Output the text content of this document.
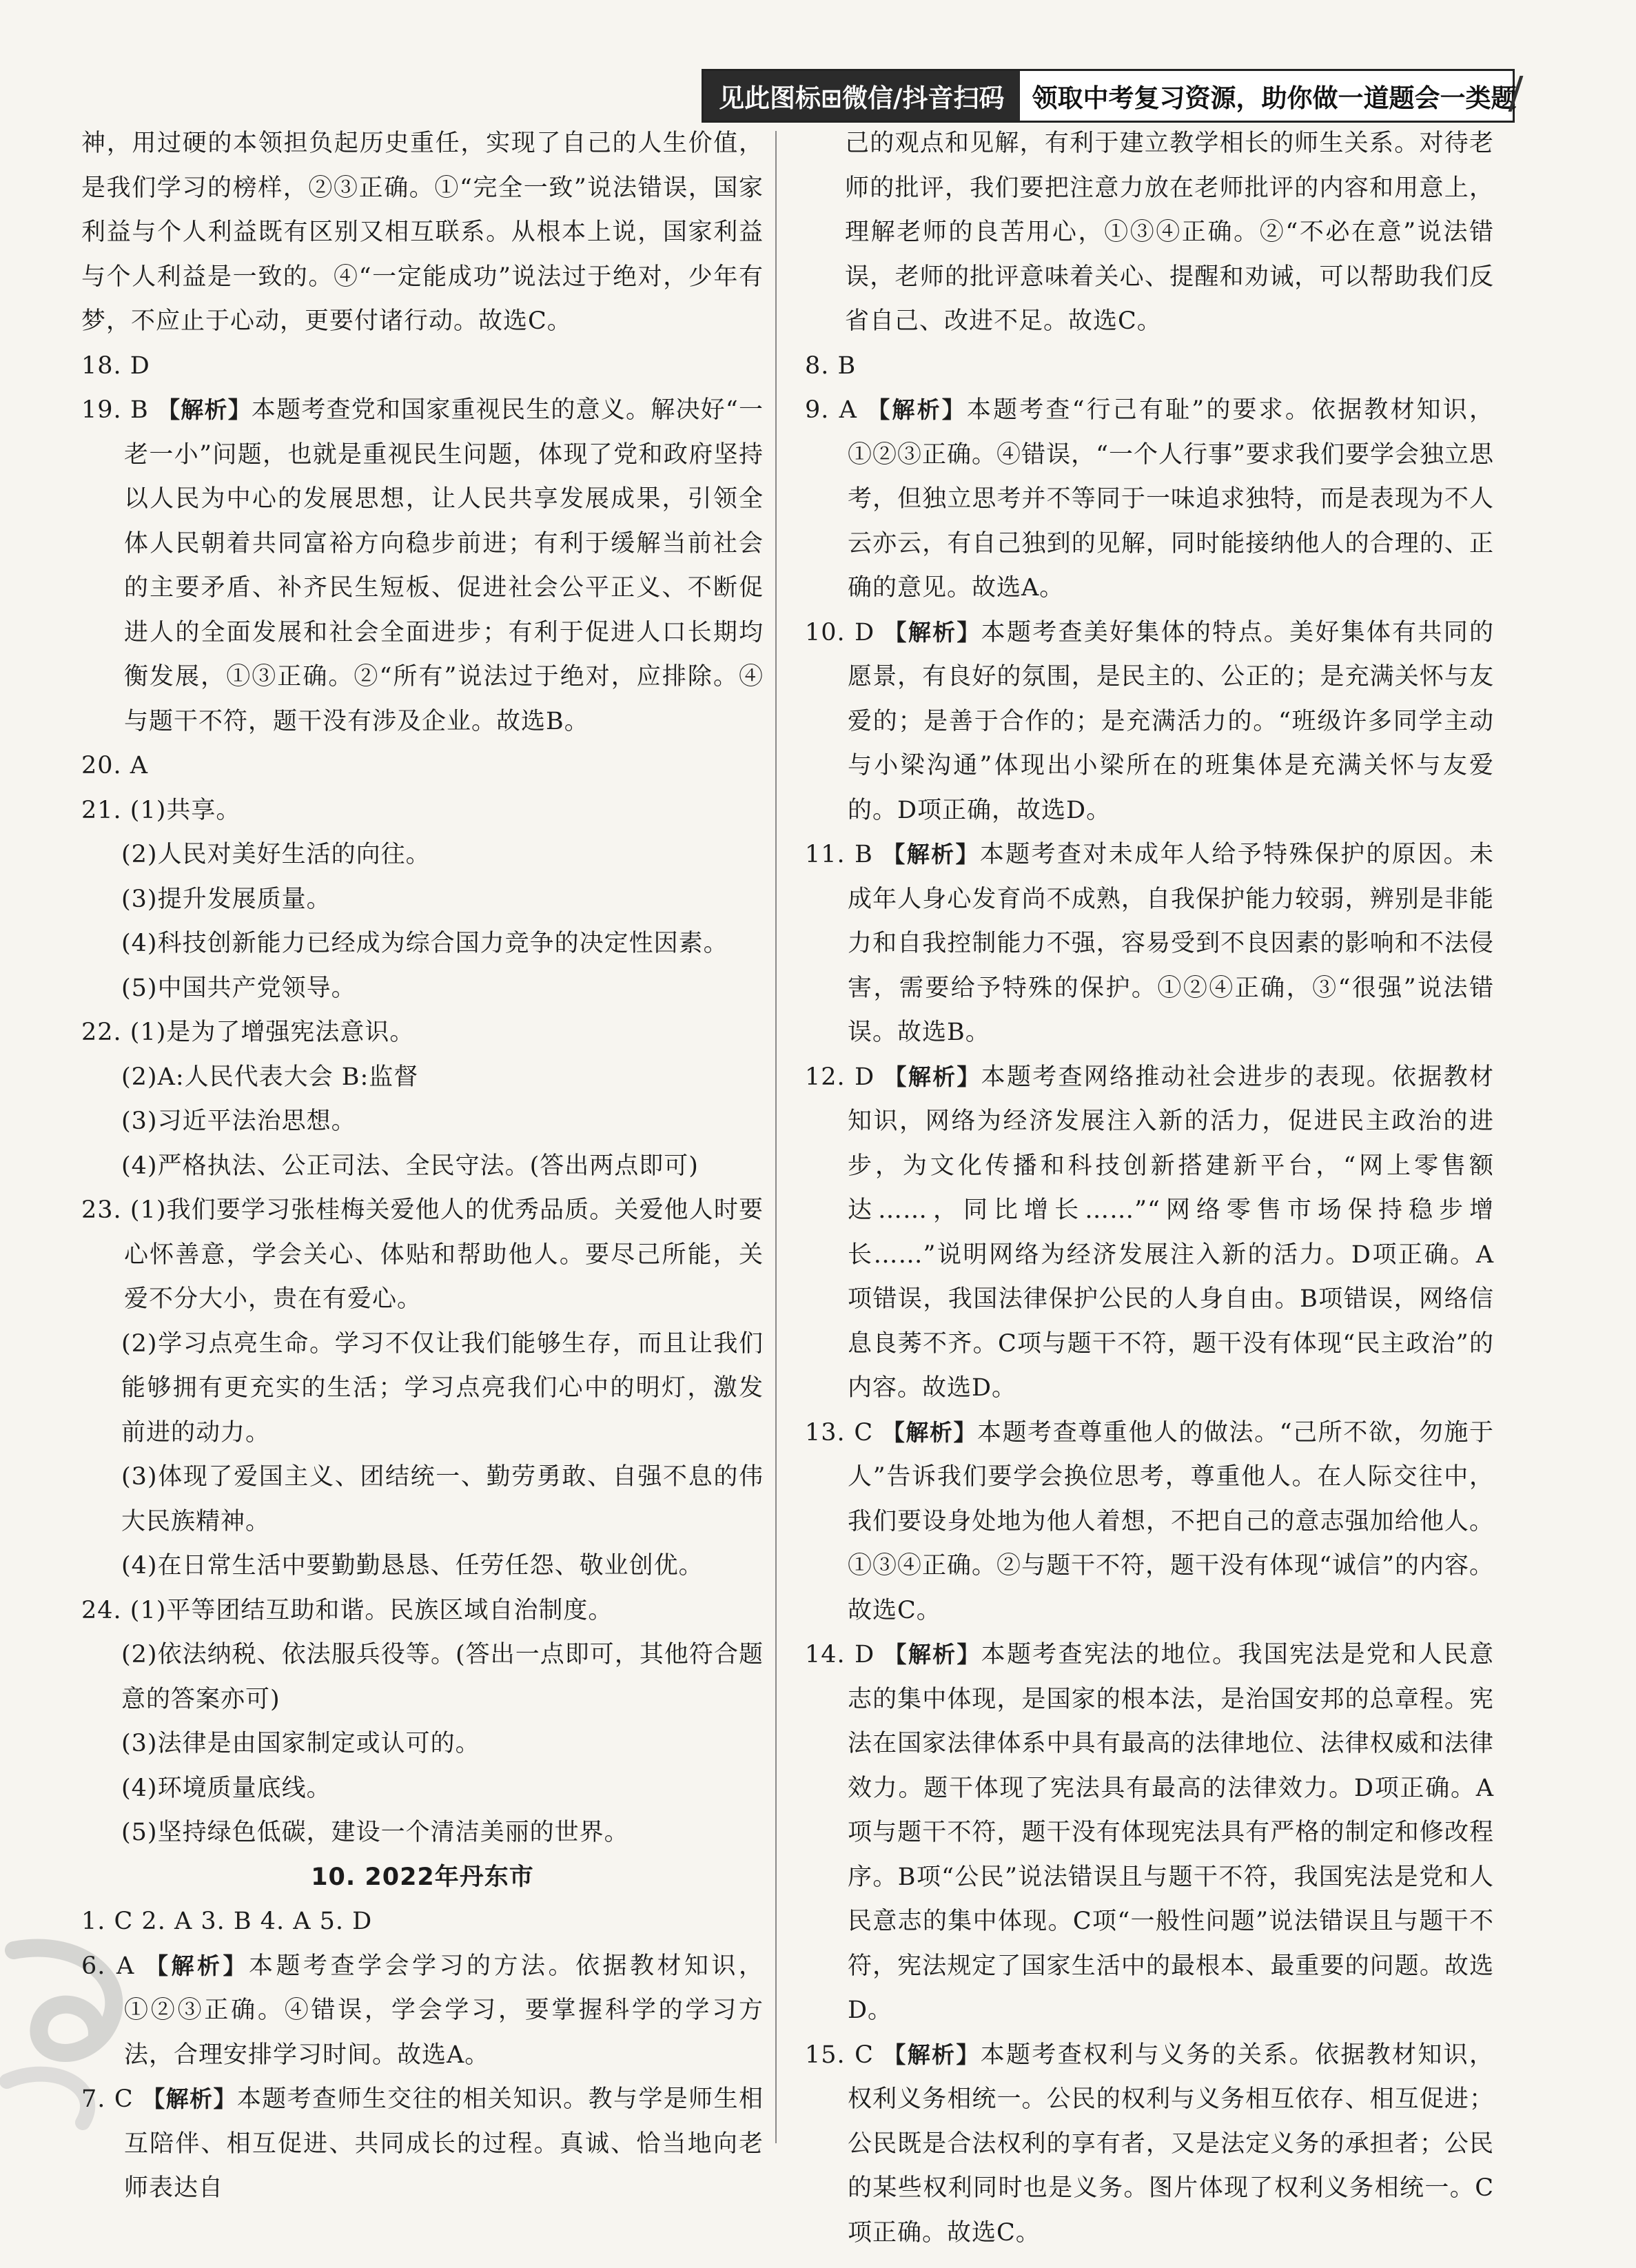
见此图标⊞微信/抖音扫码	领取中考复习资源，助你做一道题会一类题

神，用过硬的本领担负起历史重任，实现了自己的人生价值，是我们学习的榜样，②③正确。①“完全一致”说法错误，国家利益与个人利益既有区别又相互联系。从根本上说，国家利益与个人利益是一致的。④“一定能成功”说法过于绝对，少年有梦，不应止于心动，更要付诸行动。故选C。

18. D

19. B 【解析】本题考查党和国家重视民生的意义。解决好“一老一小”问题，也就是重视民生问题，体现了党和政府坚持以人民为中心的发展思想，让人民共享发展成果，引领全体人民朝着共同富裕方向稳步前进；有利于缓解当前社会的主要矛盾、补齐民生短板、促进社会公平正义、不断促进人的全面发展和社会全面进步；有利于促进人口长期均衡发展，①③正确。②“所有”说法过于绝对，应排除。④与题干不符，题干没有涉及企业。故选B。

20. A

21. (1)共享。

(2)人民对美好生活的向往。

(3)提升发展质量。

(4)科技创新能力已经成为综合国力竞争的决定性因素。

(5)中国共产党领导。

22. (1)是为了增强宪法意识。

(2)A:人民代表大会 B:监督

(3)习近平法治思想。

(4)严格执法、公正司法、全民守法。(答出两点即可)

23. (1)我们要学习张桂梅关爱他人的优秀品质。关爱他人时要心怀善意，学会关心、体贴和帮助他人。要尽己所能，关爱不分大小，贵在有爱心。

(2)学习点亮生命。学习不仅让我们能够生存，而且让我们能够拥有更充实的生活；学习点亮我们心中的明灯，激发前进的动力。

(3)体现了爱国主义、团结统一、勤劳勇敢、自强不息的伟大民族精神。

(4)在日常生活中要勤勤恳恳、任劳任怨、敬业创优。

24. (1)平等团结互助和谐。民族区域自治制度。

(2)依法纳税、依法服兵役等。(答出一点即可，其他符合题意的答案亦可)

(3)法律是由国家制定或认可的。

(4)环境质量底线。

(5)坚持绿色低碳，建设一个清洁美丽的世界。

10. 2022年丹东市

1. C 2. A 3. B 4. A 5. D

6. A 【解析】本题考查学会学习的方法。依据教材知识，①②③正确。④错误，学会学习，要掌握科学的学习方法，合理安排学习时间。故选A。

7. C 【解析】本题考查师生交往的相关知识。教与学是师生相互陪伴、相互促进、共同成长的过程。真诚、恰当地向老师表达自

己的观点和见解，有利于建立教学相长的师生关系。对待老师的批评，我们要把注意力放在老师批评的内容和用意上，理解老师的良苦用心，①③④正确。②“不必在意”说法错误，老师的批评意味着关心、提醒和劝诫，可以帮助我们反省自己、改进不足。故选C。

8. B

9. A 【解析】本题考查“行己有耻”的要求。依据教材知识，①②③正确。④错误，“一个人行事”要求我们要学会独立思考，但独立思考并不等同于一味追求独特，而是表现为不人云亦云，有自己独到的见解，同时能接纳他人的合理的、正确的意见。故选A。

10. D 【解析】本题考查美好集体的特点。美好集体有共同的愿景，有良好的氛围，是民主的、公正的；是充满关怀与友爱的；是善于合作的；是充满活力的。“班级许多同学主动与小梁沟通”体现出小梁所在的班集体是充满关怀与友爱的。D项正确，故选D。

11. B 【解析】本题考查对未成年人给予特殊保护的原因。未成年人身心发育尚不成熟，自我保护能力较弱，辨别是非能力和自我控制能力不强，容易受到不良因素的影响和不法侵害，需要给予特殊的保护。①②④正确，③“很强”说法错误。故选B。

12. D 【解析】本题考查网络推动社会进步的表现。依据教材知识，网络为经济发展注入新的活力，促进民主政治的进步，为文化传播和科技创新搭建新平台，“网上零售额达……，同比增长……”“网络零售市场保持稳步增长……”说明网络为经济发展注入新的活力。D项正确。A项错误，我国法律保护公民的人身自由。B项错误，网络信息良莠不齐。C项与题干不符，题干没有体现“民主政治”的内容。故选D。

13. C 【解析】本题考查尊重他人的做法。“己所不欲，勿施于人”告诉我们要学会换位思考，尊重他人。在人际交往中，我们要设身处地为他人着想，不把自己的意志强加给他人。①③④正确。②与题干不符，题干没有体现“诚信”的内容。故选C。

14. D 【解析】本题考查宪法的地位。我国宪法是党和人民意志的集中体现，是国家的根本法，是治国安邦的总章程。宪法在国家法律体系中具有最高的法律地位、法律权威和法律效力。题干体现了宪法具有最高的法律效力。D项正确。A项与题干不符，题干没有体现宪法具有严格的制定和修改程序。B项“公民”说法错误且与题干不符，我国宪法是党和人民意志的集中体现。C项“一般性问题”说法错误且与题干不符，宪法规定了国家生活中的最根本、最重要的问题。故选D。

15. C 【解析】本题考查权利与义务的关系。依据教材知识，权利义务相统一。公民的权利与义务相互依存、相互促进；公民既是合法权利的享有者，又是法定义务的承担者；公民的某些权利同时也是义务。图片体现了权利义务相统一。C项正确。故选C。
